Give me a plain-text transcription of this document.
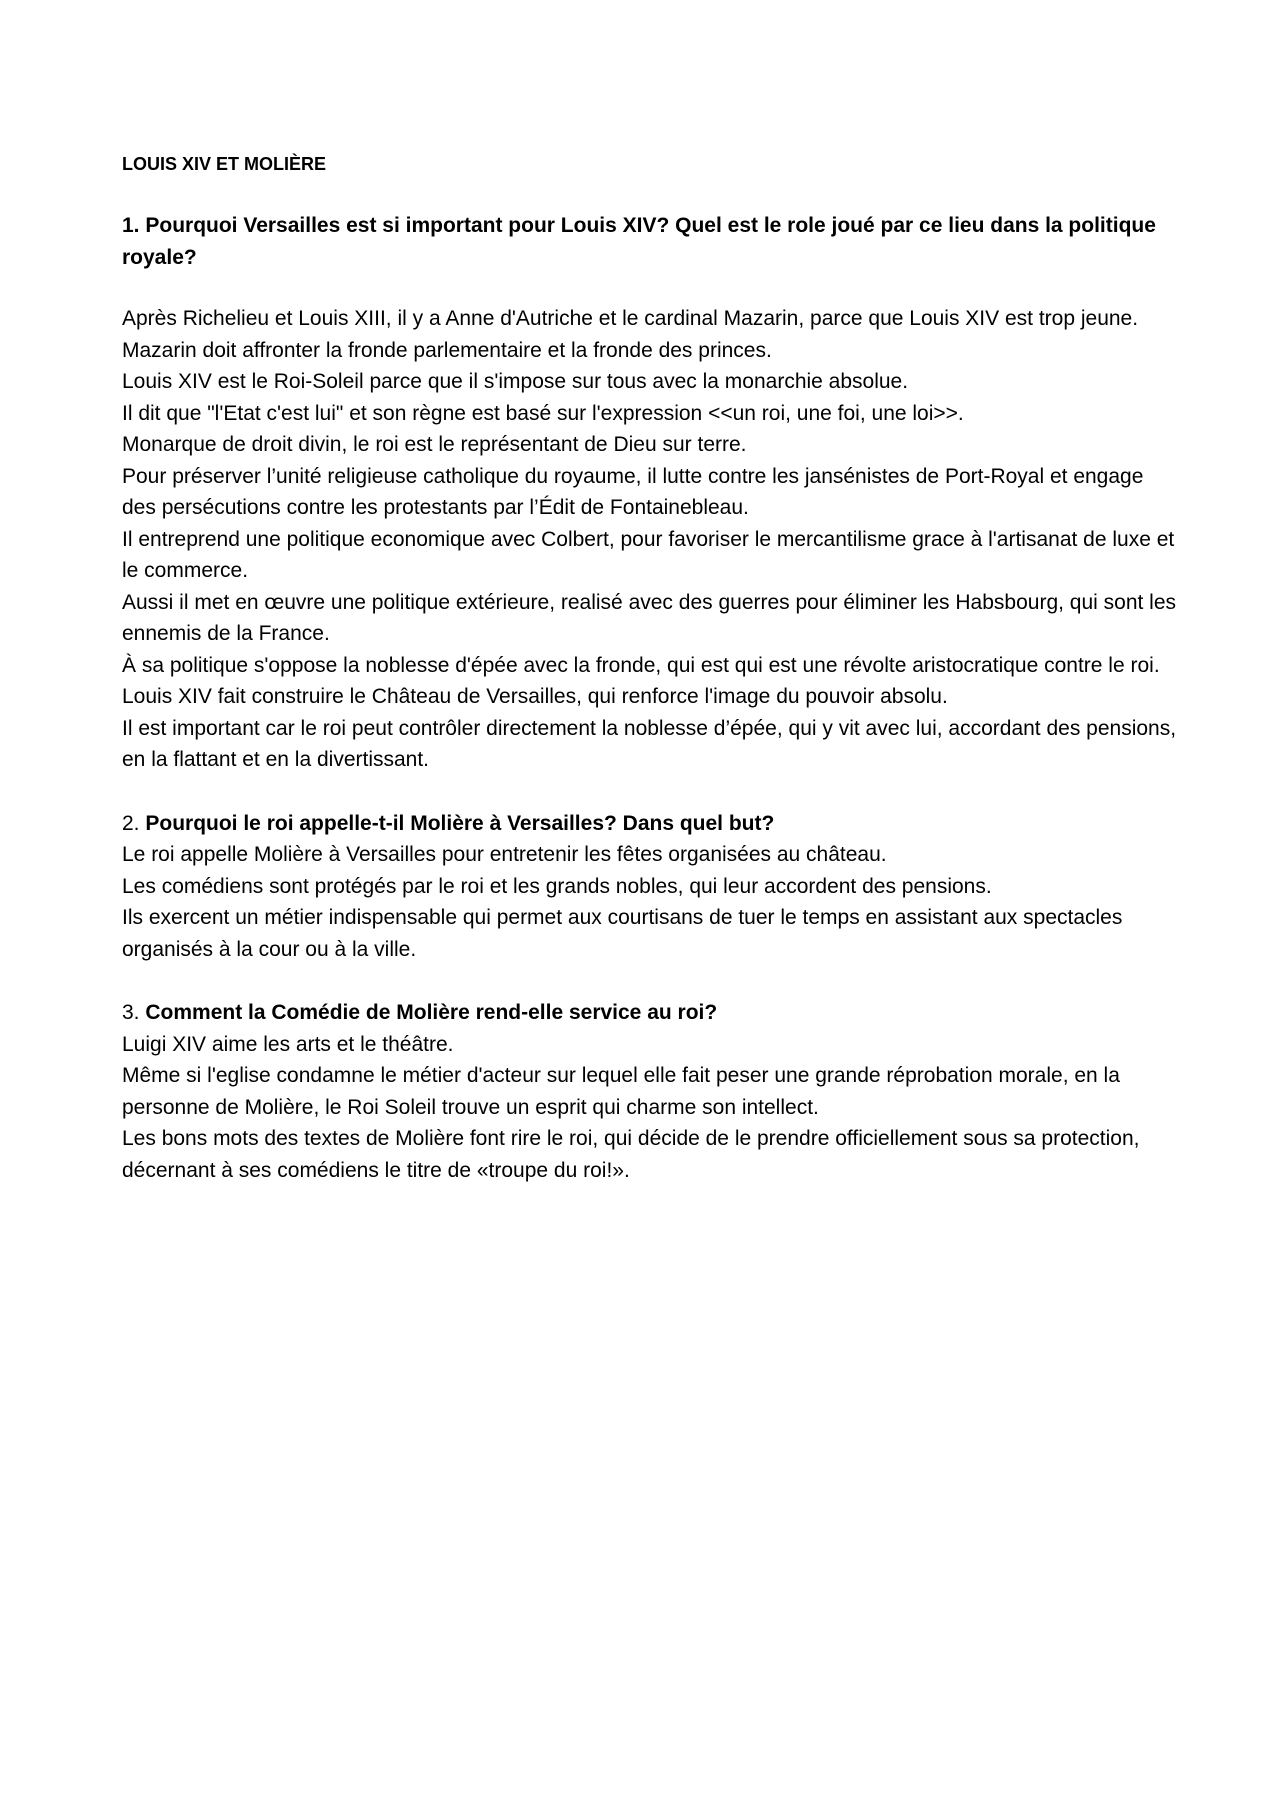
LOUIS XIV ET MOLIÈRE

1. Pourquoi Versailles est si important pour Louis XIV? Quel est le role joué par ce lieu dans la politique royale?

Après Richelieu et Louis XIII, il y a Anne d'Autriche et le cardinal Mazarin, parce que Louis XIV est trop jeune.

Mazarin doit affronter la fronde parlementaire et la fronde des princes.

Louis XIV est le Roi-Soleil parce que il s'impose sur tous avec la monarchie absolue.

Il dit que "l'Etat c'est lui" et son règne est basé sur l'expression <<un roi, une foi, une loi>>.

Monarque de droit divin, le roi est le représentant de Dieu sur terre.

Pour préserver l’unité religieuse catholique du royaume, il lutte contre les jansénistes de Port-Royal et engage des persécutions contre les protestants par l’Édit de Fontainebleau.

Il entreprend une politique economique avec Colbert, pour favoriser le mercantilisme grace à l'artisanat de luxe et le commerce.

Aussi il met en œuvre une politique extérieure, realisé avec des guerres pour éliminer les Habsbourg, qui sont les ennemis de la France.

À sa politique s'oppose la noblesse d'épée avec la fronde, qui est qui est une révolte aristocratique contre le roi.

Louis XIV fait construire le Château de Versailles, qui renforce l'image du pouvoir absolu.

Il est important car le roi peut contrôler directement la noblesse d’épée, qui y vit avec lui, accordant des pensions, en la flattant et en la divertissant.

2. Pourquoi le roi appelle-t-il Molière à Versailles? Dans quel but?

Le roi appelle Molière à Versailles pour entretenir les fêtes organisées au château.

Les comédiens sont protégés par le roi et les grands nobles, qui leur accordent des pensions.

Ils exercent un métier indispensable qui permet aux courtisans de tuer le temps en assistant aux spectacles organisés à la cour ou à la ville.

3. Comment la Comédie de Molière rend-elle service au roi?

Luigi XIV aime les arts et le théâtre.

Même si l'eglise condamne le métier d'acteur sur lequel elle fait peser une grande réprobation morale, en la personne de Molière, le Roi Soleil trouve un esprit qui charme son intellect.

Les bons mots des textes de Molière font rire le roi, qui décide de le prendre officiellement sous sa protection, décernant à ses comédiens le titre de «troupe du roi!».
